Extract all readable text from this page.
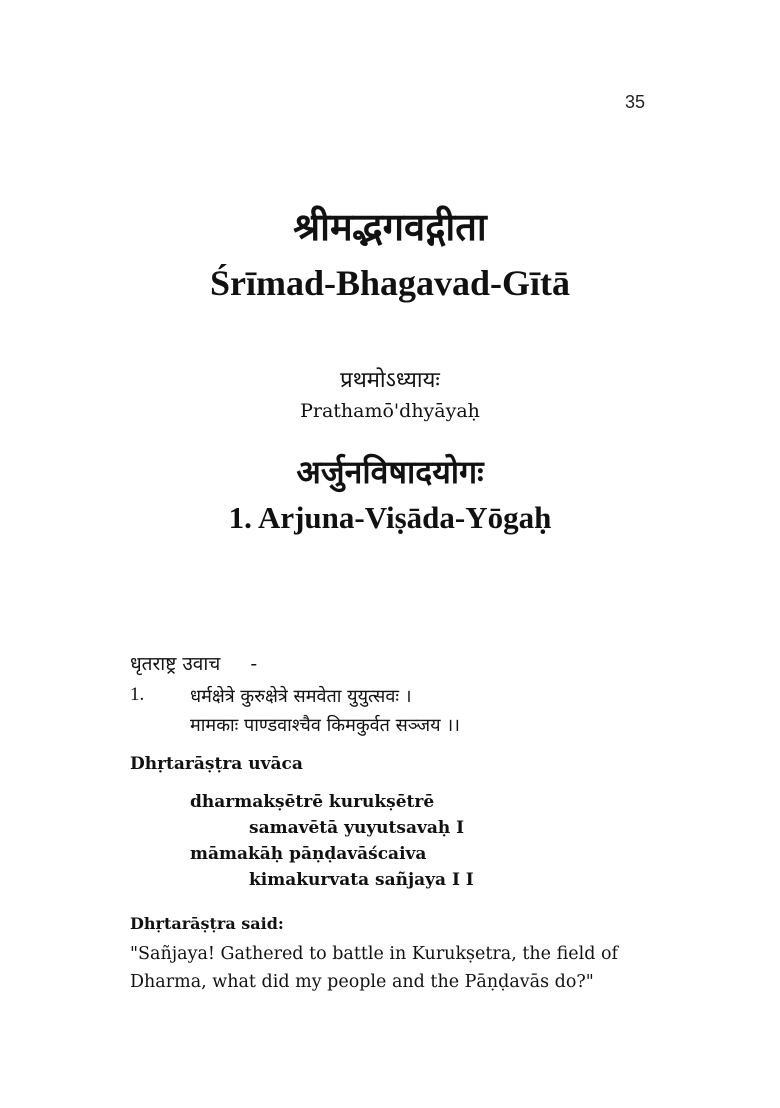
35
श्रीमद्भगवद्गीता
Śrīmad-Bhagavad-Gītā
प्रथमोऽध्यायः
Prathamō'dhyāyaḥ
अर्जुनविषादयोगः
1. Arjuna-Viṣāda-Yōgaḥ
धृतराष्ट्र उवाच -
1.	धर्मक्षेत्रे कुरुक्षेत्रे समवेता युयुत्सवः ।
मामकाः पाण्डवाश्चैव किमकुर्वत सञ्जय ।।
Dhṛtarāṣṭra uvāca
dharmakṣētrē kurukṣētrē
samavētā yuyutsavaḥ I
māmakāḥ pāṇḍavāścaiva
kimakurvata sañjaya I I
Dhṛtarāṣṭra said:
"Sañjaya! Gathered to battle in Kurukṣetra, the field of Dharma, what did my people and the Pāṇḍavās do?"
